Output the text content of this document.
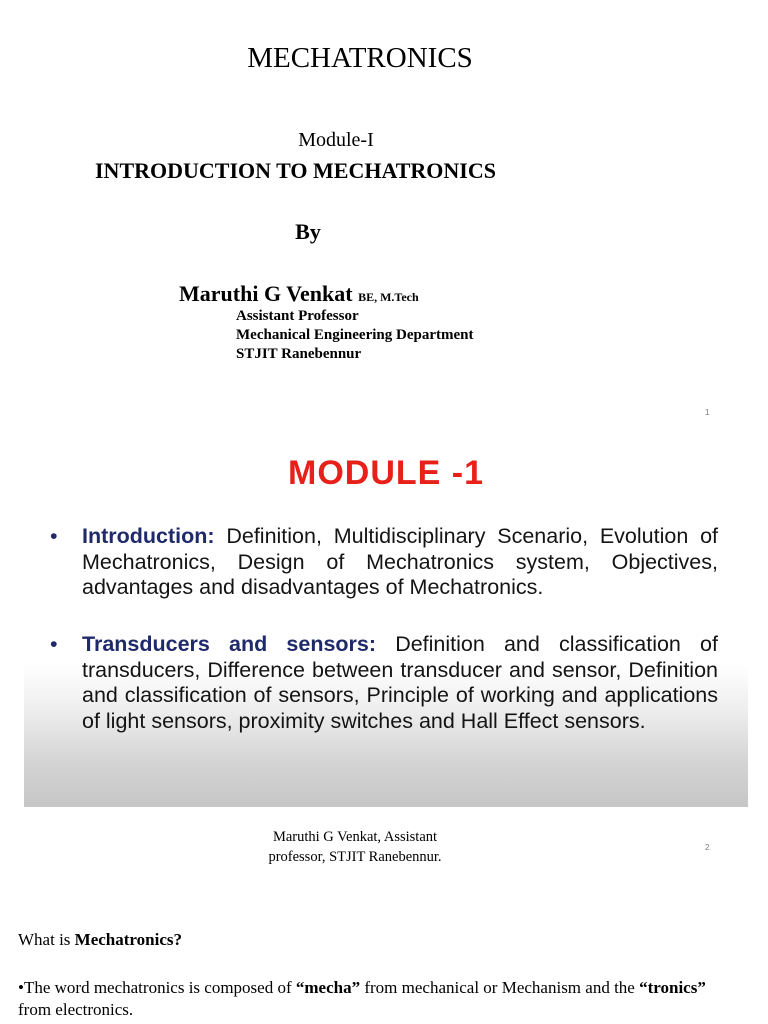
MECHATRONICS
Module-I
INTRODUCTION TO MECHATRONICS
By
Maruthi G Venkat BE, M.Tech
Assistant Professor
Mechanical Engineering Department
STJIT Ranebennur
1
MODULE -1
•	Introduction: Definition, Multidisciplinary Scenario, Evolution of Mechatronics, Design of Mechatronics system, Objectives, advantages and disadvantages of Mechatronics.
•	Transducers and sensors: Definition and classification of transducers, Difference between transducer and sensor, Definition and classification of sensors, Principle of working and applications of light sensors, proximity switches and Hall Effect sensors.
Maruthi G Venkat, Assistant
professor, STJIT Ranebennur.
2
What is Mechatronics?
•The word mechatronics is composed of “mecha” from mechanical or Mechanism and the “tronics” from electronics.
